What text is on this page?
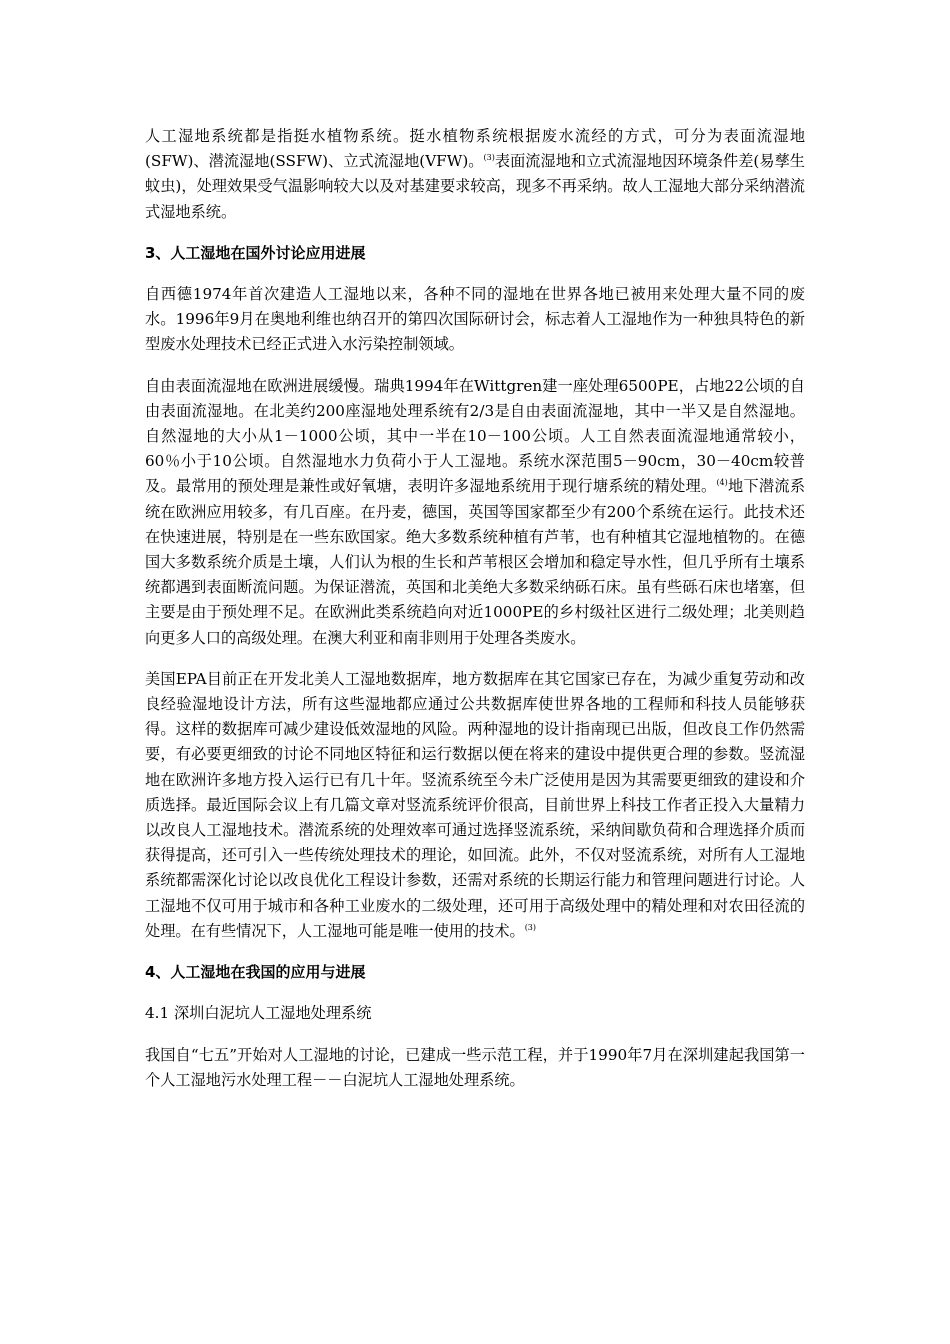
人工湿地系统都是指挺水植物系统。挺水植物系统根据废水流经的方式，可分为表面流湿地(SFW)、潜流湿地(SSFW)、立式流湿地(VFW)。$^{(3)}$表面流湿地和立式流湿地因环境条件差(易孳生蚊虫)，处理效果受气温影响较大以及对基建要求较高，现多不再采纳。故人工湿地大部分采纳潜流式湿地系统。

3、人工湿地在国外讨论应用进展

自西德1974年首次建造人工湿地以来，各种不同的湿地在世界各地已被用来处理大量不同的废水。1996年9月在奥地利维也纳召开的第四次国际研讨会，标志着人工湿地作为一种独具特色的新型废水处理技术已经正式进入水污染控制领域。

自由表面流湿地在欧洲进展缓慢。瑞典1994年在Wittgren建一座处理6500PE，占地22公顷的自由表面流湿地。在北美约200座湿地处理系统有2/3是自由表面流湿地，其中一半又是自然湿地。自然湿地的大小从1－1000公顷，其中一半在10－100公顷。人工自然表面流湿地通常较小，60％小于10公顷。自然湿地水力负荷小于人工湿地。系统水深范围5－90cm，30－40cm较普及。最常用的预处理是兼性或好氧塘，表明许多湿地系统用于现行塘系统的精处理。$^{(4)}$地下潜流系统在欧洲应用较多，有几百座。在丹麦，德国，英国等国家都至少有200个系统在运行。此技术还在快速进展，特别是在一些东欧国家。绝大多数系统种植有芦苇，也有种植其它湿地植物的。在德国大多数系统介质是土壤，人们认为根的生长和芦苇根区会增加和稳定导水性，但几乎所有土壤系统都遇到表面断流问题。为保证潜流，英国和北美绝大多数采纳砾石床。虽有些砾石床也堵塞，但主要是由于预处理不足。在欧洲此类系统趋向对近1000PE的乡村级社区进行二级处理；北美则趋向更多人口的高级处理。在澳大利亚和南非则用于处理各类废水。

美国EPA目前正在开发北美人工湿地数据库，地方数据库在其它国家已存在，为减少重复劳动和改良经验湿地设计方法，所有这些湿地都应通过公共数据库使世界各地的工程师和科技人员能够获得。这样的数据库可减少建设低效湿地的风险。两种湿地的设计指南现已出版，但改良工作仍然需要，有必要更细致的讨论不同地区特征和运行数据以便在将来的建设中提供更合理的参数。竖流湿地在欧洲许多地方投入运行已有几十年。竖流系统至今未广泛使用是因为其需要更细致的建设和介质选择。最近国际会议上有几篇文章对竖流系统评价很高，目前世界上科技工作者正投入大量精力以改良人工湿地技术。潜流系统的处理效率可通过选择竖流系统，采纳间歇负荷和合理选择介质而获得提高，还可引入一些传统处理技术的理论，如回流。此外，不仅对竖流系统，对所有人工湿地系统都需深化讨论以改良优化工程设计参数，还需对系统的长期运行能力和管理问题进行讨论。人工湿地不仅可用于城市和各种工业废水的二级处理，还可用于高级处理中的精处理和对农田径流的处理。在有些情况下，人工湿地可能是唯一使用的技术。$^{(3)}$

4、人工湿地在我国的应用与进展

4.1 深圳白泥坑人工湿地处理系统

我国自“七五”开始对人工湿地的讨论，已建成一些示范工程，并于1990年7月在深圳建起我国第一个人工湿地污水处理工程－－白泥坑人工湿地处理系统。
